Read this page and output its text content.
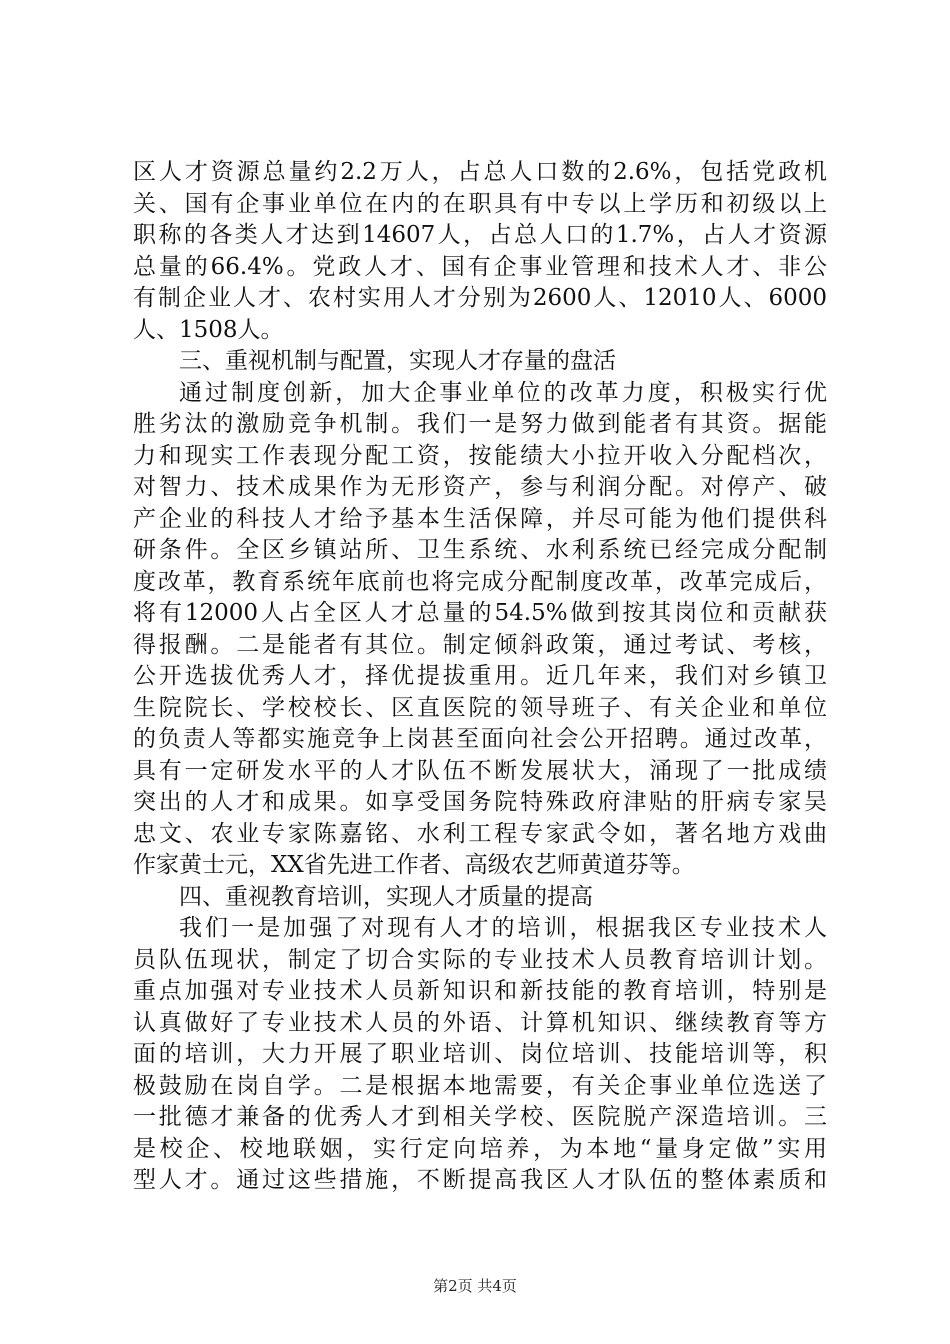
区人才资源总量约2.2万人，占总人口数的2.6%，包括党政机
关、国有企事业单位在内的在职具有中专以上学历和初级以上
职称的各类人才达到14607人，占总人口的1.7%，占人才资源
总量的66.4%。党政人才、国有企事业管理和技术人才、非公
有制企业人才、农村实用人才分别为2600人、12010人、6000
人、1508人。
三、重视机制与配置，实现人才存量的盘活
通过制度创新，加大企事业单位的改革力度，积极实行优
胜劣汰的激励竞争机制。我们一是努力做到能者有其资。据能
力和现实工作表现分配工资，按能绩大小拉开收入分配档次，
对智力、技术成果作为无形资产，参与利润分配。对停产、破
产企业的科技人才给予基本生活保障，并尽可能为他们提供科
研条件。全区乡镇站所、卫生系统、水利系统已经完成分配制
度改革，教育系统年底前也将完成分配制度改革，改革完成后，
将有12000人占全区人才总量的54.5%做到按其岗位和贡献获
得报酬。二是能者有其位。制定倾斜政策，通过考试、考核，
公开选拔优秀人才，择优提拔重用。近几年来，我们对乡镇卫
生院院长、学校校长、区直医院的领导班子、有关企业和单位
的负责人等都实施竞争上岗甚至面向社会公开招聘。通过改革，
具有一定研发水平的人才队伍不断发展状大，涌现了一批成绩
突出的人才和成果。如享受国务院特殊政府津贴的肝病专家吴
忠文、农业专家陈嘉铭、水利工程专家武令如，著名地方戏曲
作家黄士元，XX省先进工作者、高级农艺师黄道芬等。
四、重视教育培训，实现人才质量的提高
我们一是加强了对现有人才的培训，根据我区专业技术人
员队伍现状，制定了切合实际的专业技术人员教育培训计划。
重点加强对专业技术人员新知识和新技能的教育培训，特别是
认真做好了专业技术人员的外语、计算机知识、继续教育等方
面的培训，大力开展了职业培训、岗位培训、技能培训等，积
极鼓励在岗自学。二是根据本地需要，有关企事业单位选送了
一批德才兼备的优秀人才到相关学校、医院脱产深造培训。三
是校企、校地联姻，实行定向培养，为本地“量身定做”实用
型人才。通过这些措施，不断提高我区人才队伍的整体素质和
第2页 共4页
